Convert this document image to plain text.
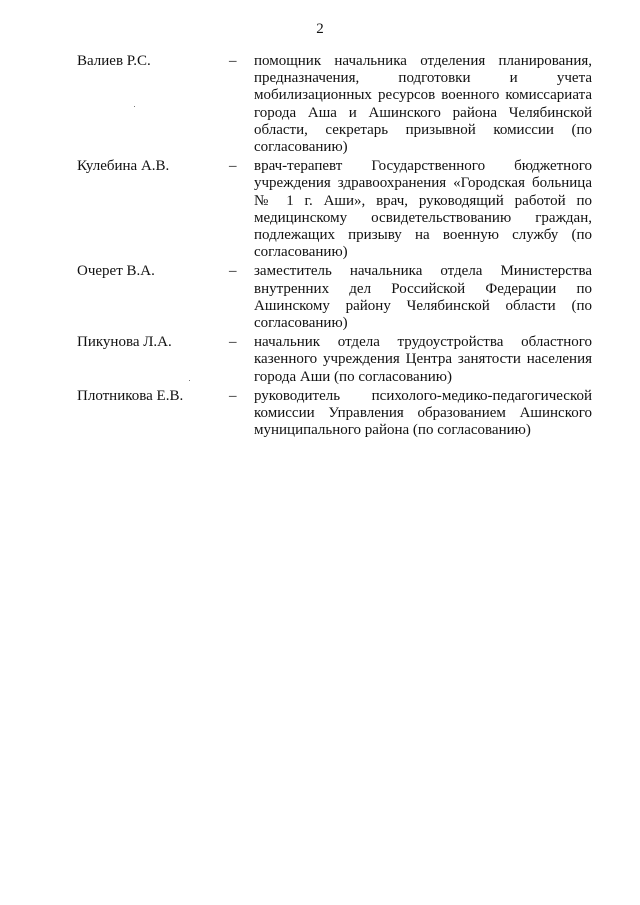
2
Валиев Р.С.	– помощник начальника отделения планирования, предназначения, подготовки и учета мобилизационных ресурсов военного комиссариата города Аша и Ашинского района Челябинской области, секретарь призывной комиссии (по согласованию)
Кулебина А.В.	– врач-терапевт Государственного бюджетного учреждения здравоохранения «Городская больница № 1 г. Аши», врач, руководящий работой по медицинскому освидетельствованию граждан, подлежащих призыву на военную службу (по согласованию)
Очерет В.А.	– заместитель начальника отдела Министерства внутренних дел Российской Федерации по Ашинскому району Челябинской области (по согласованию)
Пикунова Л.А.	– начальник отдела трудоустройства областного казенного учреждения Центра занятости населения города Аши (по согласованию)
Плотникова Е.В.	– руководитель психолого-медико-педагогической комиссии Управления образованием Ашинского муниципального района (по согласованию)
